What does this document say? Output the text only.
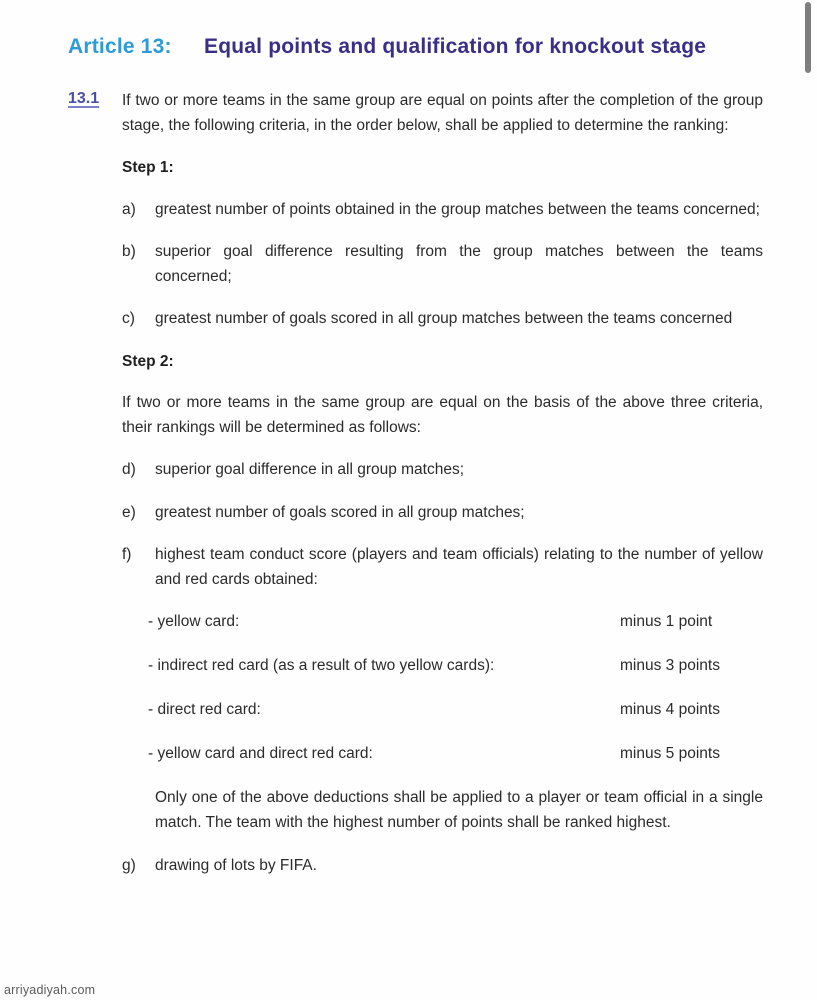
Article 13:	Equal points and qualification for knockout stage
13.1	If two or more teams in the same group are equal on points after the completion of the group stage, the following criteria, in the order below, shall be applied to determine the ranking:

Step 1:
a)	greatest number of points obtained in the group matches between the teams concerned;
b)	superior goal difference resulting from the group matches between the teams concerned;
c)	greatest number of goals scored in all group matches between the teams concerned
Step 2:

If two or more teams in the same group are equal on the basis of the above three criteria, their rankings will be determined as follows:

d)	superior goal difference in all group matches;
e)	greatest number of goals scored in all group matches;
f)	highest team conduct score (players and team officials) relating to the number of yellow and red cards obtained:
- yellow card:	minus 1 point
- indirect red card (as a result of two yellow cards):	minus 3 points
- direct red card:	minus 4 points
- yellow card and direct red card:	minus 5 points

Only one of the above deductions shall be applied to a player or team official in a single match. The team with the highest number of points shall be ranked highest.

g)	drawing of lots by FIFA.
arriyadiyah.com
